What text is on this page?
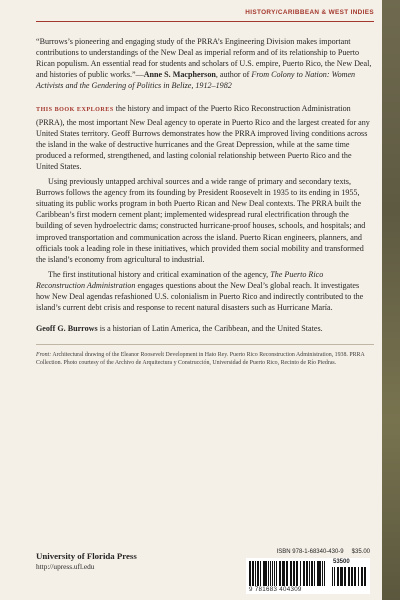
HISTORY/CARIBBEAN & WEST INDIES

“Burrows’s pioneering and engaging study of the PRRA’s Engineering Division makes important contributions to understandings of the New Deal as imperial reform and of its relationship to Puerto Rican populism. An essential read for students and scholars of U.S. empire, Puerto Rico, the New Deal, and histories of public works.”—Anne S. Macpherson, author of From Colony to Nation: Women Activists and the Gendering of Politics in Belize, 1912–1982

THIS BOOK EXPLORES the history and impact of the Puerto Rico Reconstruction Administration (PRRA), the most important New Deal agency to operate in Puerto Rico and the largest created for any United States territory. Geoff Burrows demonstrates how the PRRA improved living conditions across the island in the wake of destructive hurricanes and the Great Depression, while at the same time produced a reformed, strengthened, and lasting colonial relationship between Puerto Rico and the United States.

Using previously untapped archival sources and a wide range of primary and secondary texts, Burrows follows the agency from its founding by President Roosevelt in 1935 to its ending in 1955, situating its public works program in both Puerto Rican and New Deal contexts. The PRRA built the Caribbean’s first modern cement plant; implemented widespread rural electrification through the building of seven hydroelectric dams; constructed hurricane-proof houses, schools, and hospitals; and improved transportation and communication across the island. Puerto Rican engineers, planners, and officials took a leading role in these initiatives, which provided them social mobility and transformed the island’s economy from agricultural to industrial.

The first institutional history and critical examination of the agency, The Puerto Rico Reconstruction Administration engages questions about the New Deal’s global reach. It investigates how New Deal agendas refashioned U.S. colonialism in Puerto Rico and indirectly contributed to the island’s current debt crisis and response to recent natural disasters such as Hurricane María.

Geoff G. Burrows is a historian of Latin America, the Caribbean, and the United States.

Front: Architectural drawing of the Eleanor Roosevelt Development in Hato Rey. Puerto Rico Reconstruction Administration, 1938. PRRA Collection. Photo courtesy of the Archivo de Arquitectura y Construcción, Universidad de Puerto Rico, Recinto de Río Piedras.

University of Florida Press
http://upress.ufl.edu
ISBN 978-1-68340-430-9 $35.00
53500
9 781683 404309
